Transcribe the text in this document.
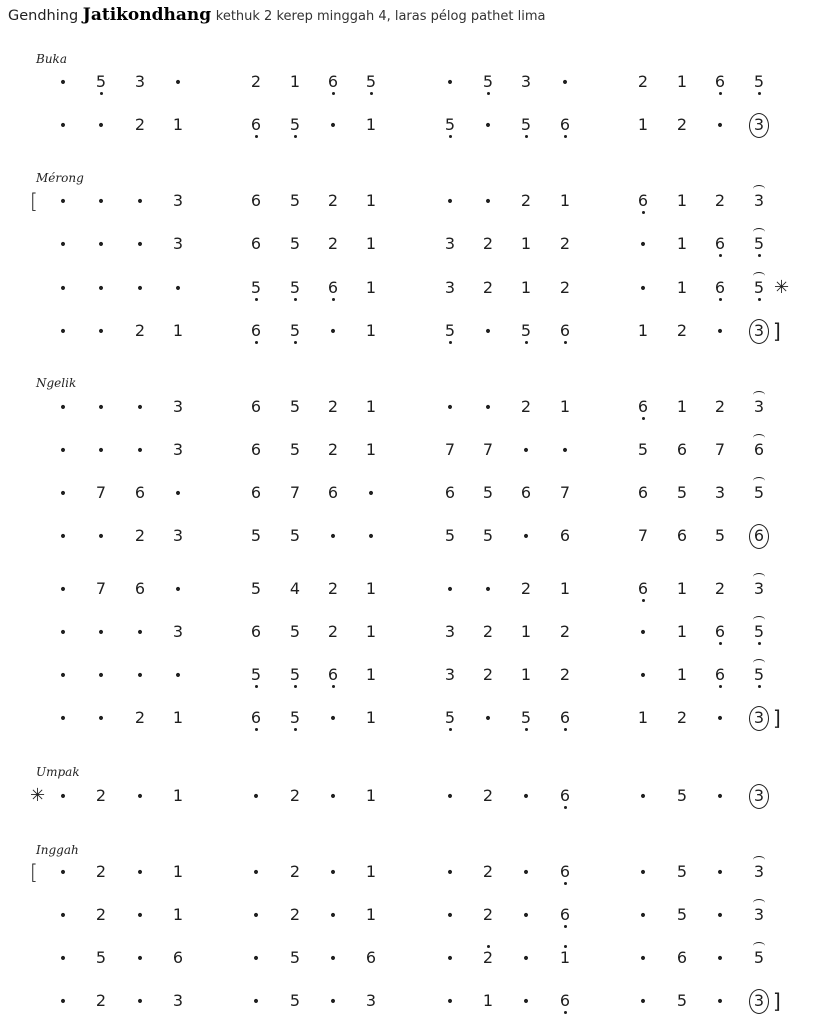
Gendhing Jatikondhang kethuk 2 kerep minggah 4, laras pélog pathet lima
Buka
•	5	3	•	2	1	6	5	•	5	3	•	2	1	6	5
•	•	2	1	6	5	•	1	5	•	5	6	1	2	•	3
Mérong
[	•	•	•	3	6	5	2	1	•	•	2	1	6	1	2	3
•	•	•	3	6	5	2	1	3	2	1	2	•	1	6	5
•	•	•	•	5	5	6	1	3	2	1	2	•	1	6	5 ✳
•	•	2	1	6	5	•	1	5	•	5	6	1	2	•	3 ]
Ngelik
•	•	•	3	6	5	2	1	•	•	2	1	6	1	2	3
•	•	•	3	6	5	2	1	7	7	•	•	5	6	7	6
•	7	6	•	6	7	6	•	6	5	6	7	6	5	3	5
•	•	2	3	5	5	•	•	5	5	•	6	7	6	5	6
•	7	6	•	5	4	2	1	•	•	2	1	6	1	2	3
•	•	•	3	6	5	2	1	3	2	1	2	•	1	6	5
•	•	•	•	5	5	6	1	3	2	1	2	•	1	6	5
•	•	2	1	6	5	•	1	5	•	5	6	1	2	•	3 ]
Umpak
✳ •	2	•	1	•	2	•	1	•	2	•	6	•	5	•	3
Inggah
[	•	2	•	1	•	2	•	1	•	2	•	6	•	5	•	3
•	2	•	1	•	2	•	1	•	2	•	6	•	5	•	3
•	5	•	6	•	5	•	6	•	2	•	1	•	6	•	5
•	2	•	3	•	5	•	3	•	1	•	6	•	5	•	3 ]
